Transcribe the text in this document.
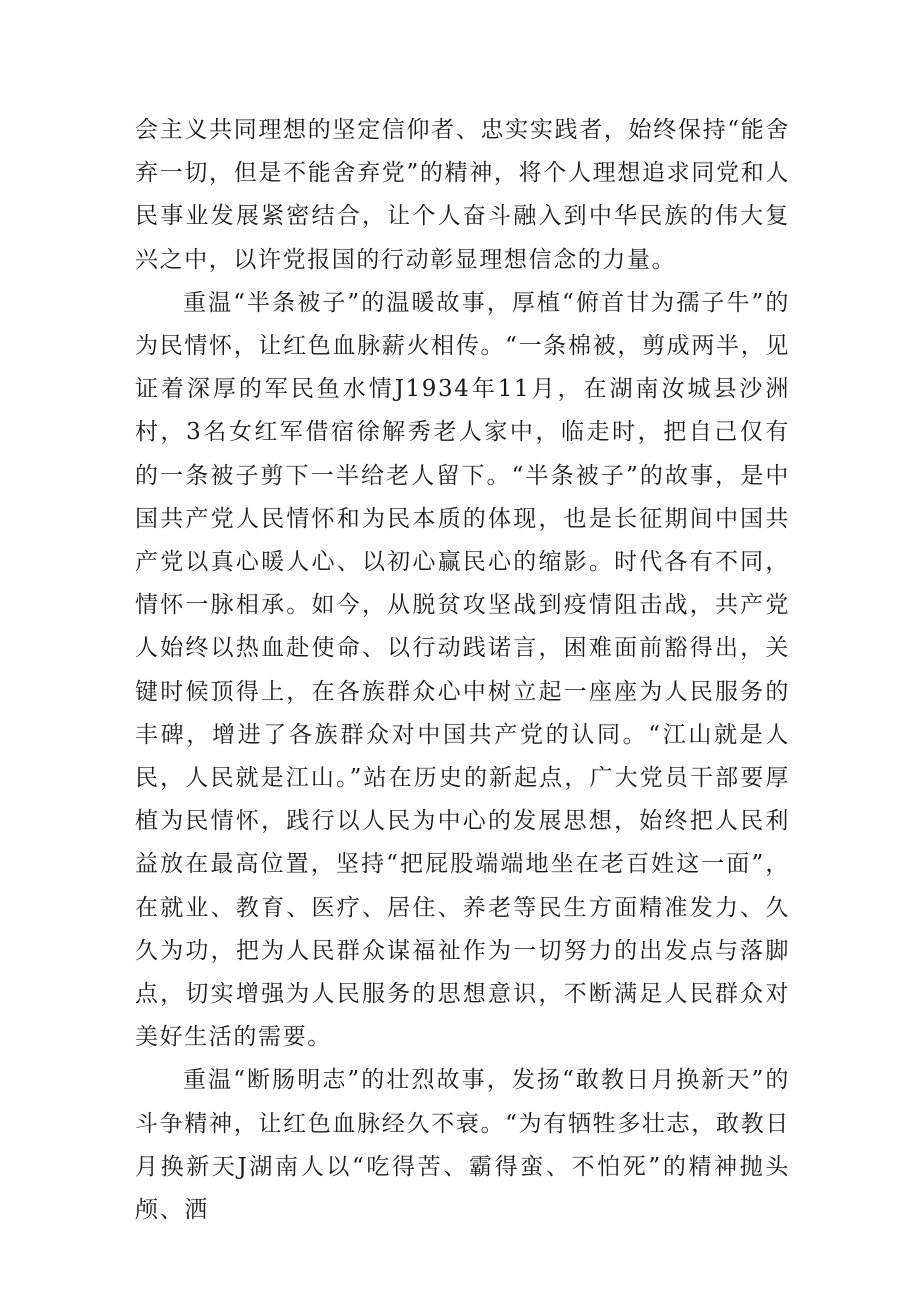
会主义共同理想的坚定信仰者、忠实实践者，始终保持“能舍弃一切，但是不能舍弃党”的精神，将个人理想追求同党和人民事业发展紧密结合，让个人奋斗融入到中华民族的伟大复兴之中，以许党报国的行动彰显理想信念的力量。

重温“半条被子”的温暖故事，厚植“俯首甘为孺子牛”的为民情怀，让红色血脉薪火相传。“一条棉被，剪成两半，见证着深厚的军民鱼水情J1934年11月，在湖南汝城县沙洲村，3名女红军借宿徐解秀老人家中，临走时，把自己仅有的一条被子剪下一半给老人留下。“半条被子”的故事，是中国共产党人民情怀和为民本质的体现，也是长征期间中国共产党以真心暖人心、以初心赢民心的缩影。时代各有不同，情怀一脉相承。如今，从脱贫攻坚战到疫情阻击战，共产党人始终以热血赴使命、以行动践诺言，困难面前豁得出，关键时候顶得上，在各族群众心中树立起一座座为人民服务的丰碑，增进了各族群众对中国共产党的认同。“江山就是人民，人民就是江山。”站在历史的新起点，广大党员干部要厚植为民情怀，践行以人民为中心的发展思想，始终把人民利益放在最高位置，坚持“把屁股端端地坐在老百姓这一面”，在就业、教育、医疗、居住、养老等民生方面精准发力、久久为功，把为人民群众谋福祉作为一切努力的出发点与落脚点，切实增强为人民服务的思想意识，不断满足人民群众对美好生活的需要。

重温“断肠明志”的壮烈故事，发扬“敢教日月换新天”的斗争精神，让红色血脉经久不衰。“为有牺牲多壮志，敢教日月换新天J湖南人以“吃得苦、霸得蛮、不怕死”的精神抛头颅、洒
